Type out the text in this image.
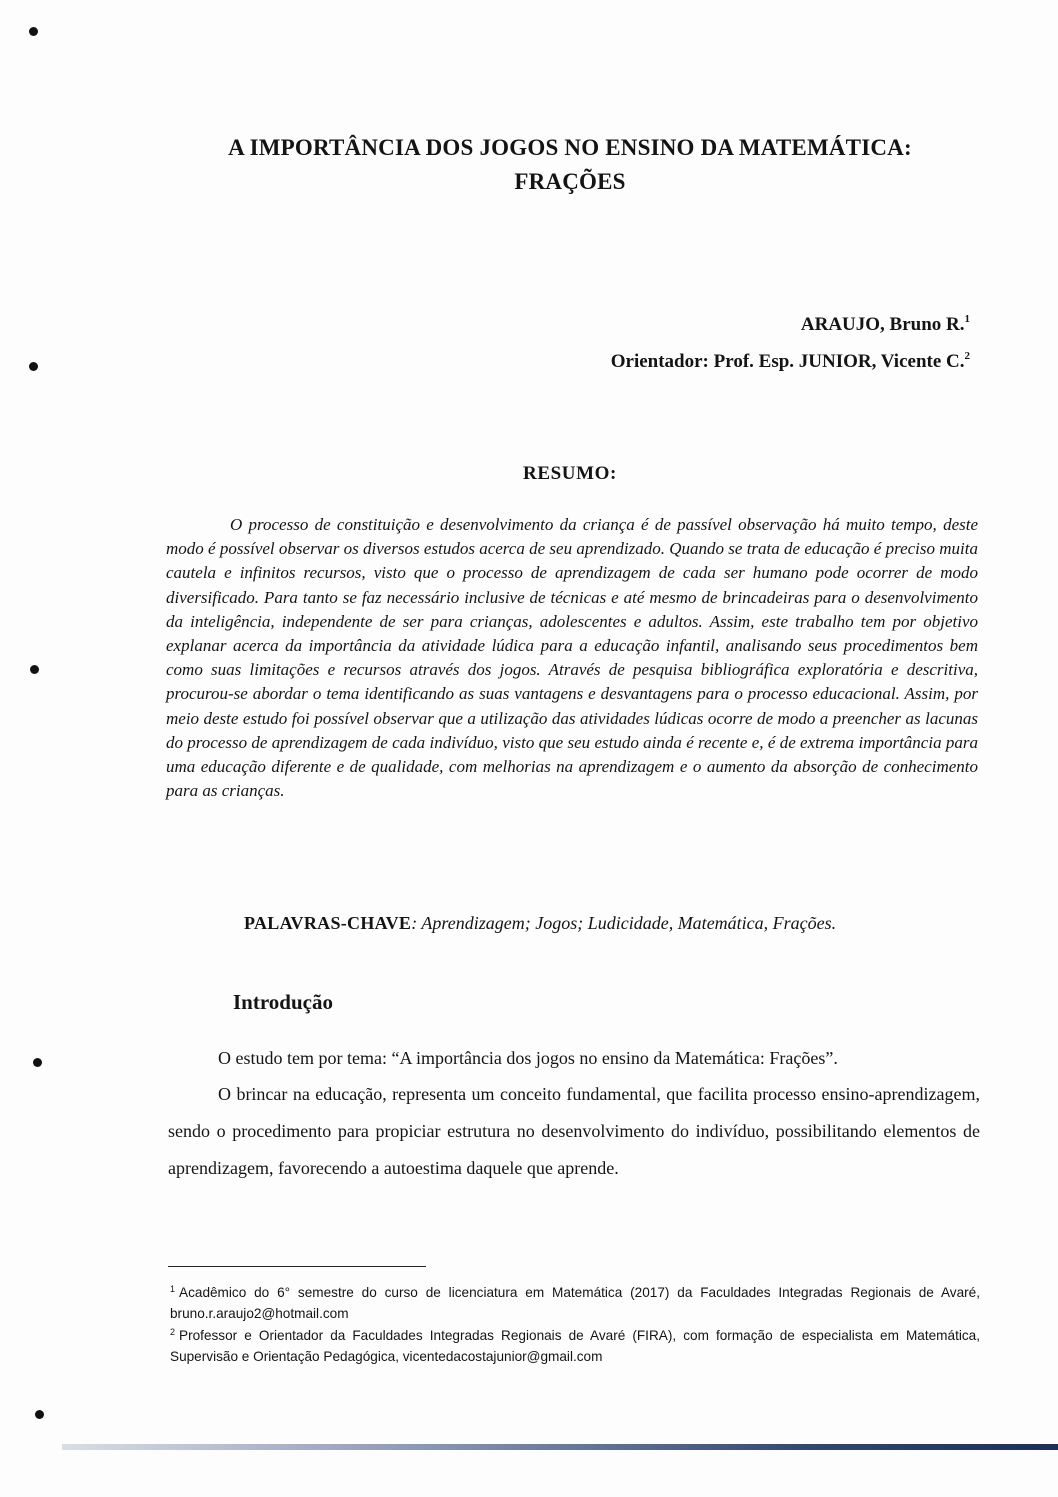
A IMPORTÂNCIA DOS JOGOS NO ENSINO DA MATEMÁTICA:
FRAÇÕES
ARAUJO, Bruno R.$^1$
Orientador: Prof. Esp. JUNIOR, Vicente C.$^2$
RESUMO:

O processo de constituição e desenvolvimento da criança é de passível observação há muito tempo, deste modo é possível observar os diversos estudos acerca de seu aprendizado. Quando se trata de educação é preciso muita cautela e infinitos recursos, visto que o processo de aprendizagem de cada ser humano pode ocorrer de modo diversificado. Para tanto se faz necessário inclusive de técnicas e até mesmo de brincadeiras para o desenvolvimento da inteligência, independente de ser para crianças, adolescentes e adultos. Assim, este trabalho tem por objetivo explanar acerca da importância da atividade lúdica para a educação infantil, analisando seus procedimentos bem como suas limitações e recursos através dos jogos. Através de pesquisa bibliográfica exploratória e descritiva, procurou-se abordar o tema identificando as suas vantagens e desvantagens para o processo educacional. Assim, por meio deste estudo foi possível observar que a utilização das atividades lúdicas ocorre de modo a preencher as lacunas do processo de aprendizagem de cada indivíduo, visto que seu estudo ainda é recente e, é de extrema importância para uma educação diferente e de qualidade, com melhorias na aprendizagem e o aumento da absorção de conhecimento para as crianças.

PALAVRAS-CHAVE: Aprendizagem; Jogos; Ludicidade, Matemática, Frações.
Introdução

O estudo tem por tema: “A importância dos jogos no ensino da Matemática: Frações”.

O brincar na educação, representa um conceito fundamental, que facilita processo ensino-aprendizagem, sendo o procedimento para propiciar estrutura no desenvolvimento do indivíduo, possibilitando elementos de aprendizagem, favorecendo a autoestima daquele que aprende.

$^1$ Acadêmico do 6° semestre do curso de licenciatura em Matemática (2017) da Faculdades Integradas Regionais de Avaré, bruno.r.araujo2@hotmail.com

$^2$ Professor e Orientador da Faculdades Integradas Regionais de Avaré (FIRA), com formação de especialista em Matemática, Supervisão e Orientação Pedagógica, vicentedacostajunior@gmail.com
